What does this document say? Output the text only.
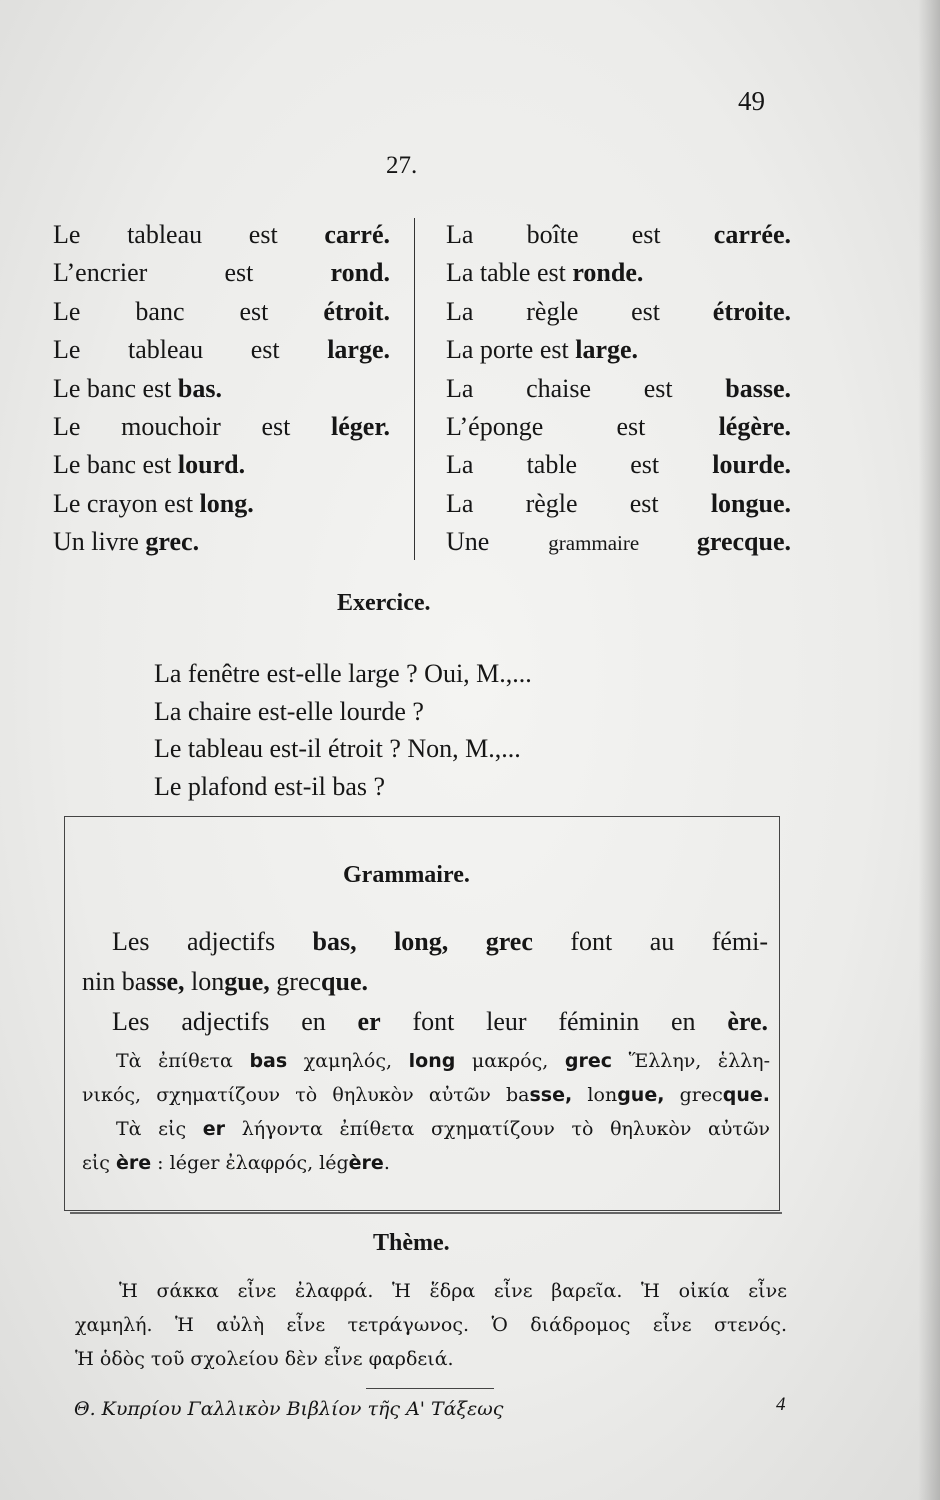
49
27.
Le tableau est carré.
L’encrier est rond.
Le banc est étroit.
Le tableau est large.
Le banc est bas.
Le mouchoir est léger.
Le banc est lourd.
Le crayon est long.
Un livre grec.
La boîte est carrée.
La table est ronde.
La règle est étroite.
La porte est large.
La chaise est basse.
L’éponge est légère.
La table est lourde.
La règle est longue.
Une grammaire grecque.
Exercice.
La fenêtre est-elle large ? Oui, M.,...
La chaire est-elle lourde ?
Le tableau est-il étroit ? Non, M.,...
Le plafond est-il bas ?
Grammaire.
Les adjectifs bas, long, grec font au fémi-
nin basse, longue, grecque.
Les adjectifs en er font leur féminin en ère.
Τὰ ἐπίθετα bas χαμηλός, long μακρός, grec Ἕλλην, ἑλλη-
νικός, σχηματίζουν τὸ θηλυκὸν αὐτῶν basse, longue, grecque.
Τὰ εἰς er λήγοντα ἐπίθετα σχηματίζουν τὸ θηλυκὸν αὐτῶν
εἰς ère : léger ἐλαφρός, légère.
Thème.
Ἡ σάκκα εἶνε ἐλαφρά. Ἡ ἕδρα εἶνε βαρεῖα. Ἡ οἰκία εἶνε
χαμηλή. Ἡ αὐλὴ εἶνε τετράγωνος. Ὁ διάδρομος εἶνε στενός.
Ἡ ὁδὸς τοῦ σχολείου δὲν εἶνε φαρδειά.
Θ. Κυπρίου Γαλλικὸν Βιβλίον τῆς Α' Τάξεως	4
